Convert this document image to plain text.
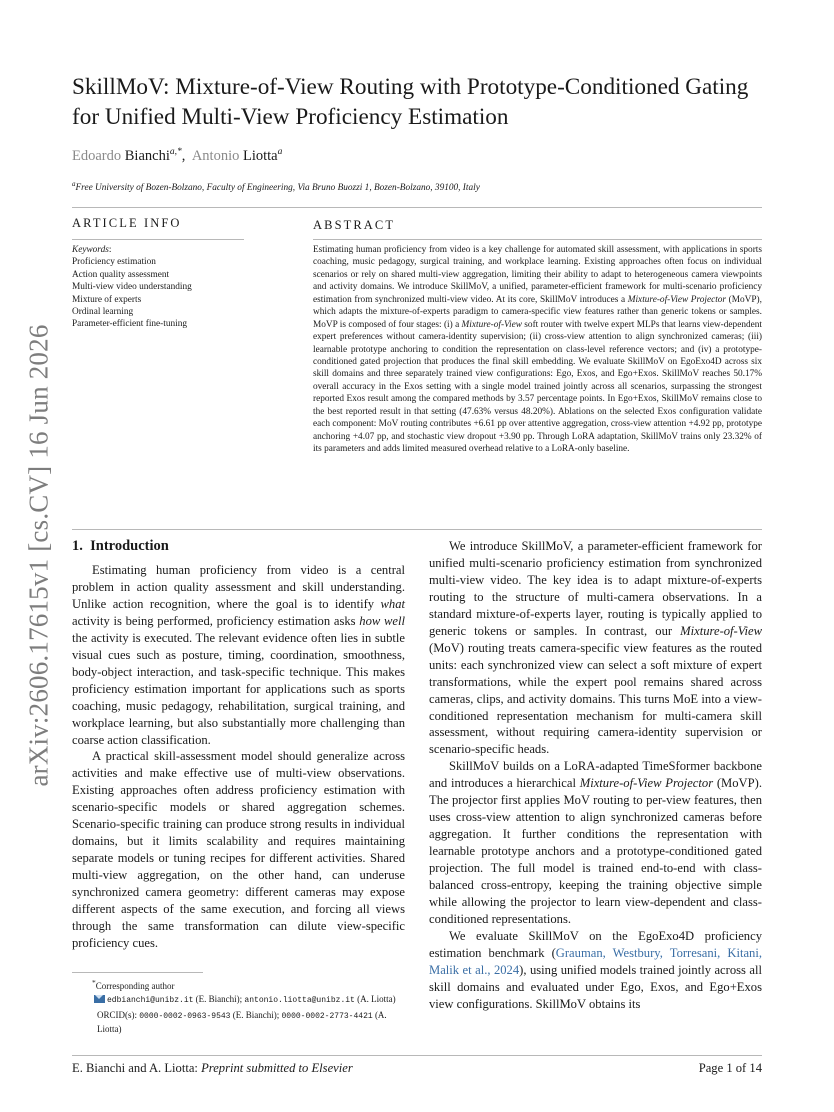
arXiv:2606.17615v1 [cs.CV] 16 Jun 2026
SkillMoV: Mixture-of-View Routing with Prototype-Conditioned Gating for Unified Multi-View Proficiency Estimation
Edoardo Bianchi$^{a,*}$,  Antonio Liotta$^a$
$^a$Free University of Bozen-Bolzano, Faculty of Engineering, Via Bruno Buozzi 1, Bozen-Bolzano, 39100, Italy
ARTICLE INFO	ABSTRACT
Keywords:
Proficiency estimation
Action quality assessment
Multi-view video understanding
Mixture of experts
Ordinal learning
Parameter-efficient fine-tuning
Estimating human proficiency from video is a key challenge for automated skill assessment, with applications in sports coaching, music pedagogy, surgical training, and workplace learning. Existing approaches often focus on individual scenarios or rely on shared multi-view aggregation, limiting their ability to adapt to heterogeneous camera viewpoints and activity domains. We introduce SkillMoV, a unified, parameter-efficient framework for multi-scenario proficiency estimation from synchronized multi-view video. At its core, SkillMoV introduces a Mixture-of-View Projector (MoVP), which adapts the mixture-of-experts paradigm to camera-specific view features rather than generic tokens or samples. MoVP is composed of four stages: (i) a Mixture-of-View soft router with twelve expert MLPs that learns view-dependent expert preferences without camera-identity supervision; (ii) cross-view attention to align synchronized cameras; (iii) learnable prototype anchoring to condition the representation on class-level reference vectors; and (iv) a prototype-conditioned gated projection that produces the final skill embedding. We evaluate SkillMoV on EgoExo4D across six skill domains and three separately trained view configurations: Ego, Exos, and Ego+Exos. SkillMoV reaches 50.17% overall accuracy in the Exos setting with a single model trained jointly across all scenarios, surpassing the strongest reported Exos result among the compared methods by 3.57 percentage points. In Ego+Exos, SkillMoV remains close to the best reported result in that setting (47.63% versus 48.20%). Ablations on the selected Exos configuration validate each component: MoV routing contributes +6.61 pp over attentive aggregation, cross-view attention +4.92 pp, prototype anchoring +4.07 pp, and stochastic view dropout +3.90 pp. Through LoRA adaptation, SkillMoV trains only 23.32% of its parameters and adds limited measured overhead relative to a LoRA-only baseline.
1. Introduction

Estimating human proficiency from video is a central problem in action quality assessment and skill understanding. Unlike action recognition, where the goal is to identify what activity is being performed, proficiency estimation asks how well the activity is executed. The relevant evidence often lies in subtle visual cues such as posture, timing, coordination, smoothness, body-object interaction, and task-specific technique. This makes proficiency estimation important for applications such as sports coaching, music pedagogy, rehabilitation, surgical training, and workplace learning, but also substantially more challenging than coarse action classification.

A practical skill-assessment model should generalize across activities and make effective use of multi-view observations. Existing approaches often address proficiency estimation with scenario-specific models or shared aggregation schemes. Scenario-specific training can produce strong results in individual domains, but it limits scalability and requires maintaining separate models or tuning recipes for different activities. Shared multi-view aggregation, on the other hand, can underuse synchronized camera geometry: different cameras may expose different aspects of the same execution, and forcing all views through the same transformation can dilute view-specific proficiency cues.

We introduce SkillMoV, a parameter-efficient framework for unified multi-scenario proficiency estimation from synchronized multi-view video. The key idea is to adapt mixture-of-experts routing to the structure of multi-camera observations. In a standard mixture-of-experts layer, routing is typically applied to generic tokens or samples. In contrast, our Mixture-of-View (MoV) routing treats camera-specific view features as the routed units: each synchronized view can select a soft mixture of expert transformations, while the expert pool remains shared across cameras, clips, and activity domains. This turns MoE into a view-conditioned representation mechanism for multi-camera skill assessment, without requiring camera-identity supervision or scenario-specific heads.

SkillMoV builds on a LoRA-adapted TimeSformer backbone and introduces a hierarchical Mixture-of-View Projector (MoVP). The projector first applies MoV routing to per-view features, then uses cross-view attention to align synchronized cameras before aggregation. It further conditions the representation with learnable prototype anchors and a prototype-conditioned gated projection. The full model is trained end-to-end with class-balanced cross-entropy, keeping the training objective simple while allowing the projector to learn view-dependent and class-conditioned representations.

We evaluate SkillMoV on the EgoExo4D proficiency estimation benchmark (Grauman, Westbury, Torresani, Kitani, Malik et al., 2024), using unified models trained jointly across all skill domains and evaluated under Ego, Exos, and Ego+Exos view configurations. SkillMoV obtains its

*Corresponding author
edbianchi@unibz.it (E. Bianchi); antonio.liotta@unibz.it (A. Liotta)
ORCID(s): 0000-0002-0963-9543 (E. Bianchi); 0000-0002-2773-4421 (A. Liotta)
E. Bianchi and A. Liotta: Preprint submitted to Elsevier	Page 1 of 14
